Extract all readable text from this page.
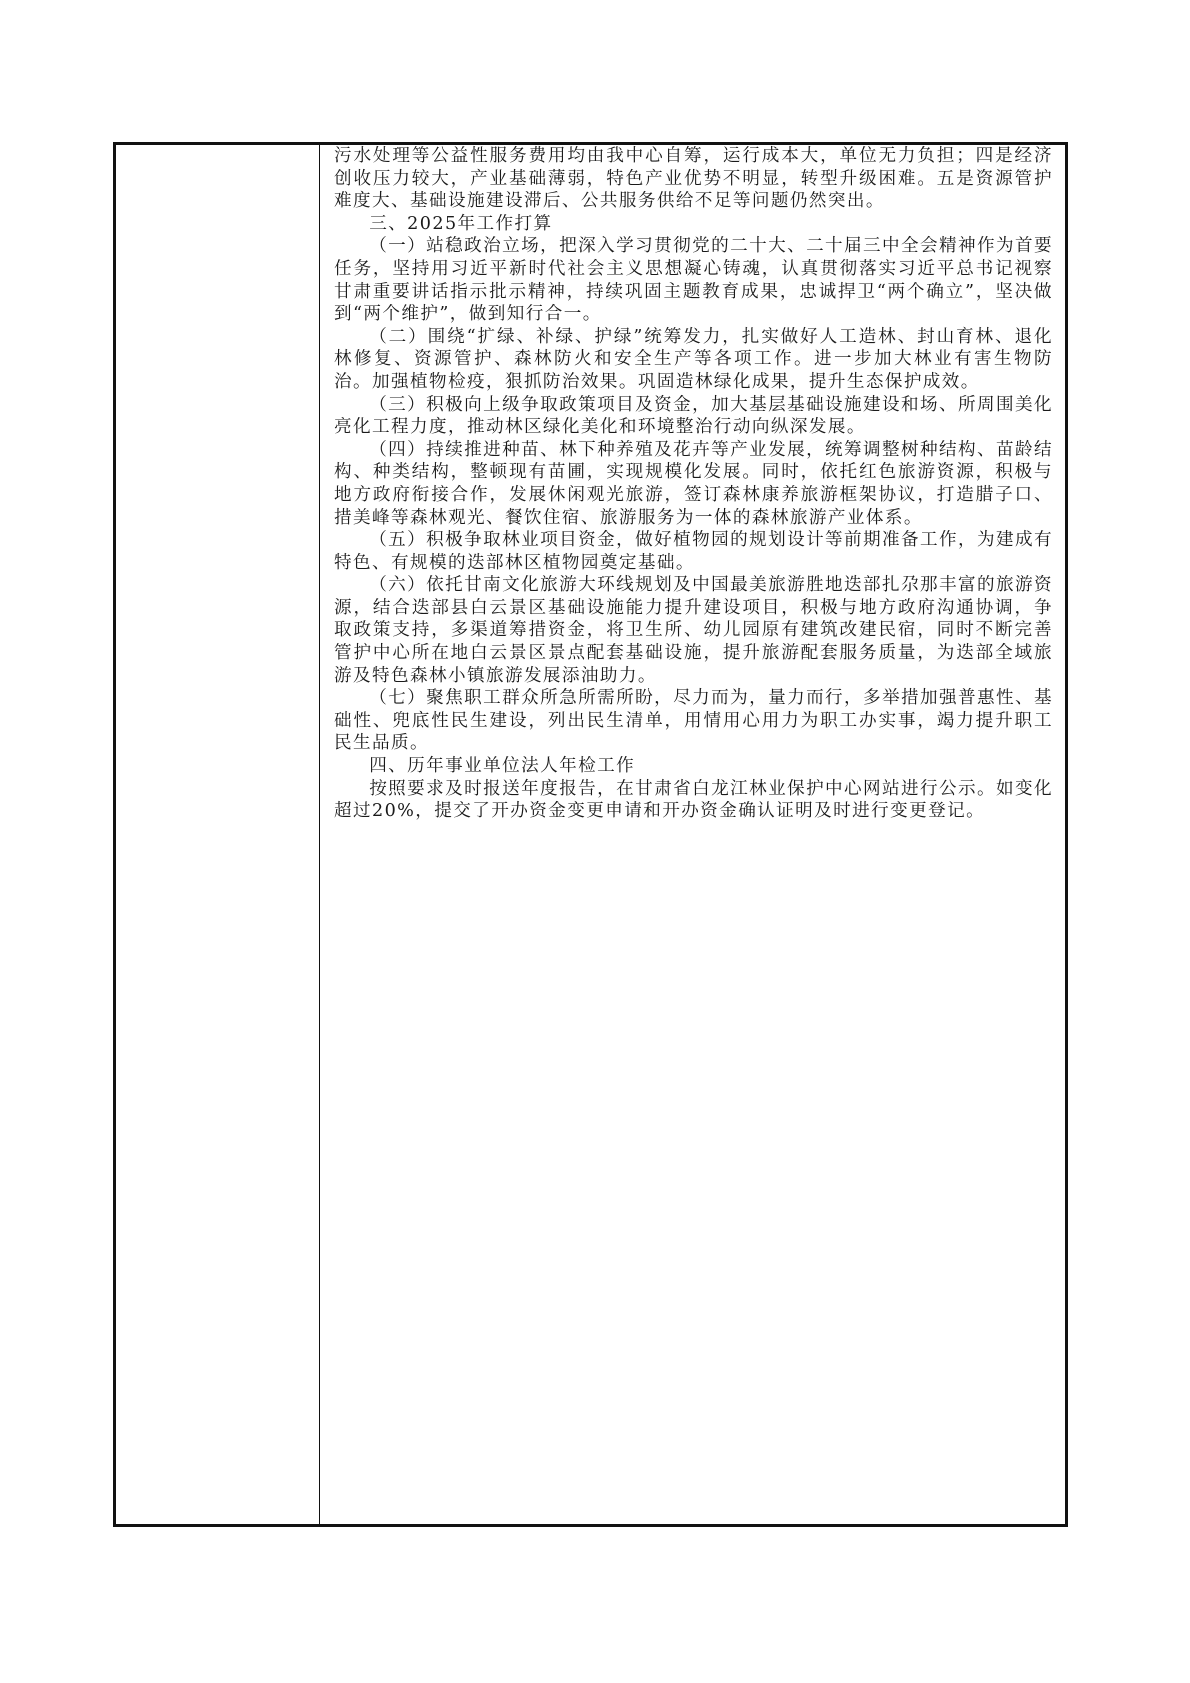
污水处理等公益性服务费用均由我中心自筹，运行成本大，单位无力负担；四是经济创收压力较大，产业基础薄弱，特色产业优势不明显，转型升级困难。五是资源管护难度大、基础设施建设滞后、公共服务供给不足等问题仍然突出。

三、2025年工作打算

（一）站稳政治立场，把深入学习贯彻党的二十大、二十届三中全会精神作为首要任务，坚持用习近平新时代社会主义思想凝心铸魂，认真贯彻落实习近平总书记视察甘肃重要讲话指示批示精神，持续巩固主题教育成果，忠诚捍卫“两个确立”，坚决做到“两个维护”，做到知行合一。

（二）围绕“扩绿、补绿、护绿”统筹发力，扎实做好人工造林、封山育林、退化林修复、资源管护、森林防火和安全生产等各项工作。进一步加大林业有害生物防治。加强植物检疫，狠抓防治效果。巩固造林绿化成果，提升生态保护成效。

（三）积极向上级争取政策项目及资金，加大基层基础设施建设和场、所周围美化亮化工程力度，推动林区绿化美化和环境整治行动向纵深发展。

（四）持续推进种苗、林下种养殖及花卉等产业发展，统筹调整树种结构、苗龄结构、种类结构，整顿现有苗圃，实现规模化发展。同时，依托红色旅游资源，积极与地方政府衔接合作，发展休闲观光旅游，签订森林康养旅游框架协议，打造腊子口、措美峰等森林观光、餐饮住宿、旅游服务为一体的森林旅游产业体系。

（五）积极争取林业项目资金，做好植物园的规划设计等前期准备工作，为建成有特色、有规模的迭部林区植物园奠定基础。

（六）依托甘南文化旅游大环线规划及中国最美旅游胜地迭部扎尕那丰富的旅游资源，结合迭部县白云景区基础设施能力提升建设项目，积极与地方政府沟通协调，争取政策支持，多渠道筹措资金，将卫生所、幼儿园原有建筑改建民宿，同时不断完善管护中心所在地白云景区景点配套基础设施，提升旅游配套服务质量，为迭部全域旅游及特色森林小镇旅游发展添油助力。

（七）聚焦职工群众所急所需所盼，尽力而为，量力而行，多举措加强普惠性、基础性、兜底性民生建设，列出民生清单，用情用心用力为职工办实事，竭力提升职工民生品质。

四、历年事业单位法人年检工作

按照要求及时报送年度报告，在甘肃省白龙江林业保护中心网站进行公示。如变化超过20%，提交了开办资金变更申请和开办资金确认证明及时进行变更登记。
